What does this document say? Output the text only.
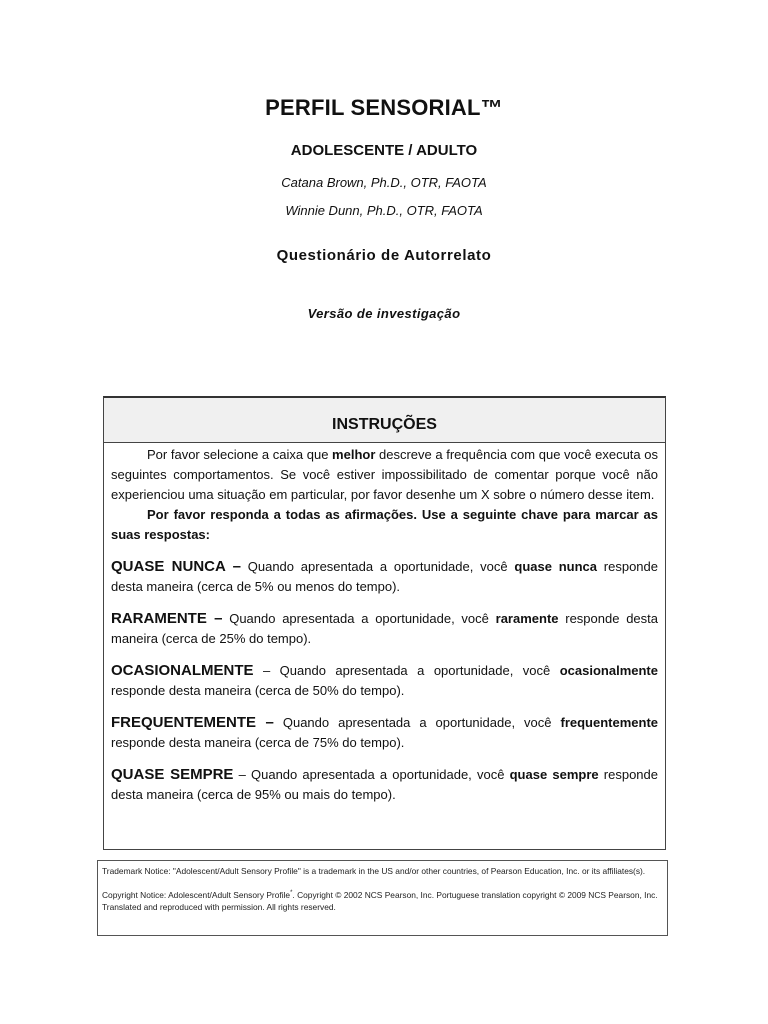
PERFIL SENSORIAL™
ADOLESCENTE / ADULTO
Catana Brown, Ph.D., OTR, FAOTA
Winnie Dunn, Ph.D., OTR, FAOTA
Questionário de Autorrelato
Versão de investigação
INSTRUÇÕES

Por favor selecione a caixa que melhor descreve a frequência com que você executa os seguintes comportamentos. Se você estiver impossibilitado de comentar porque você não experienciou uma situação em particular, por favor desenhe um X sobre o número desse item.

Por favor responda a todas as afirmações. Use a seguinte chave para marcar as suas respostas:

QUASE NUNCA – Quando apresentada a oportunidade, você quase nunca responde desta maneira (cerca de 5% ou menos do tempo).

RARAMENTE – Quando apresentada a oportunidade, você raramente responde desta maneira (cerca de 25% do tempo).

OCASIONALMENTE – Quando apresentada a oportunidade, você ocasionalmente responde desta maneira (cerca de 50% do tempo).

FREQUENTEMENTE – Quando apresentada a oportunidade, você frequentemente responde desta maneira (cerca de 75% do tempo).

QUASE SEMPRE – Quando apresentada a oportunidade, você quase sempre responde desta maneira (cerca de 95% ou mais do tempo).

Trademark Notice: "Adolescent/Adult Sensory Profile" is a trademark in the US and/or other countries, of Pearson Education, Inc. or its affiliates(s).

Copyright Notice: Adolescent/Adult Sensory Profile*. Copyright © 2002 NCS Pearson, Inc. Portuguese translation copyright © 2009 NCS Pearson, Inc. Translated and reproduced with permission. All rights reserved.
